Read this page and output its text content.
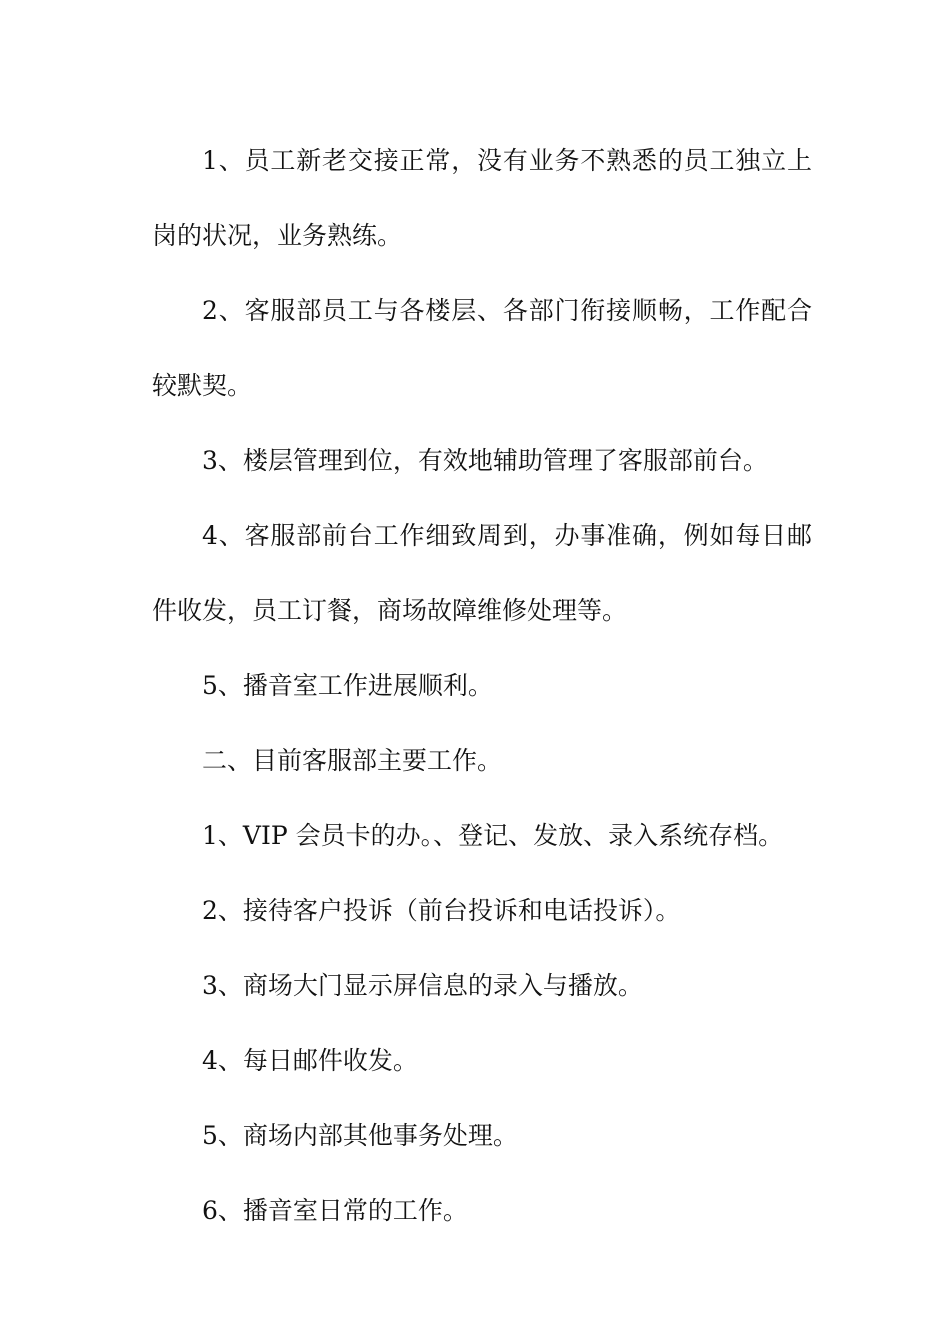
1、员工新老交接正常，没有业务不熟悉的员工独立上岗的状况，业务熟练。

2、客服部员工与各楼层、各部门衔接顺畅，工作配合较默契。

3、楼层管理到位，有效地辅助管理了客服部前台。

4、客服部前台工作细致周到，办事准确，例如每日邮件收发，员工订餐，商场故障维修处理等。

5、播音室工作进展顺利。

二、目前客服部主要工作。

1、VIP 会员卡的办。、登记、发放、录入系统存档。

2、接待客户投诉（前台投诉和电话投诉）。

3、商场大门显示屏信息的录入与播放。

4、每日邮件收发。

5、商场内部其他事务处理。

6、播音室日常的工作。
